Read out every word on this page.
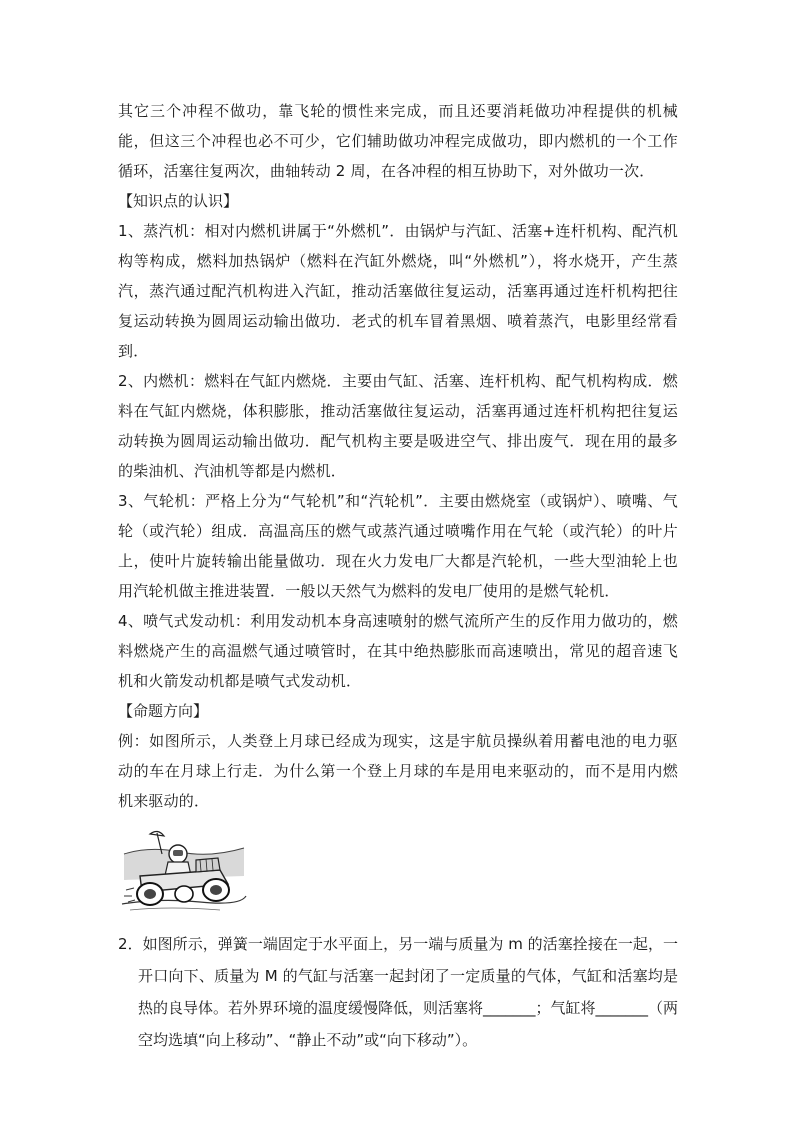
其它三个冲程不做功，靠飞轮的惯性来完成，而且还要消耗做功冲程提供的机械能，但这三个冲程也必不可少，它们辅助做功冲程完成做功，即内燃机的一个工作循环，活塞往复两次，曲轴转动 2 周，在各冲程的相互协助下，对外做功一次．

【知识点的认识】

1、蒸汽机：相对内燃机讲属于“外燃机”．由锅炉与汽缸、活塞+连杆机构、配汽机构等构成，燃料加热锅炉（燃料在汽缸外燃烧，叫“外燃机”），将水烧开，产生蒸汽，蒸汽通过配汽机构进入汽缸，推动活塞做往复运动，活塞再通过连杆机构把往复运动转换为圆周运动输出做功．老式的机车冒着黑烟、喷着蒸汽，电影里经常看到．

2、内燃机：燃料在气缸内燃烧．主要由气缸、活塞、连杆机构、配气机构构成．燃料在气缸内燃烧，体积膨胀，推动活塞做往复运动，活塞再通过连杆机构把往复运动转换为圆周运动输出做功．配气机构主要是吸进空气、排出废气．现在用的最多的柴油机、汽油机等都是内燃机．

3、气轮机：严格上分为“气轮机”和“汽轮机”．主要由燃烧室（或锅炉）、喷嘴、气轮（或汽轮）组成．高温高压的燃气或蒸汽通过喷嘴作用在气轮（或汽轮）的叶片上，使叶片旋转输出能量做功．现在火力发电厂大都是汽轮机，一些大型油轮上也用汽轮机做主推进装置．一般以天然气为燃料的发电厂使用的是燃气轮机．

4、喷气式发动机：利用发动机本身高速喷射的燃气流所产生的反作用力做功的，燃料燃烧产生的高温燃气通过喷管时，在其中绝热膨胀而高速喷出，常见的超音速飞机和火箭发动机都是喷气式发动机．

【命题方向】

例：如图所示，人类登上月球已经成为现实，这是宇航员操纵着用蓄电池的电力驱动的车在月球上行走．为什么第一个登上月球的车是用电来驱动的，而不是用内燃机来驱动的．

2．如图所示，弹簧一端固定于水平面上，另一端与质量为 m 的活塞拴接在一起，一开口向下、质量为 M 的气缸与活塞一起封闭了一定质量的气体，气缸和活塞均是热的良导体。若外界环境的温度缓慢降低，则活塞将_______；气缸将_______（两空均选填“向上移动”、“静止不动”或“向下移动”）。
